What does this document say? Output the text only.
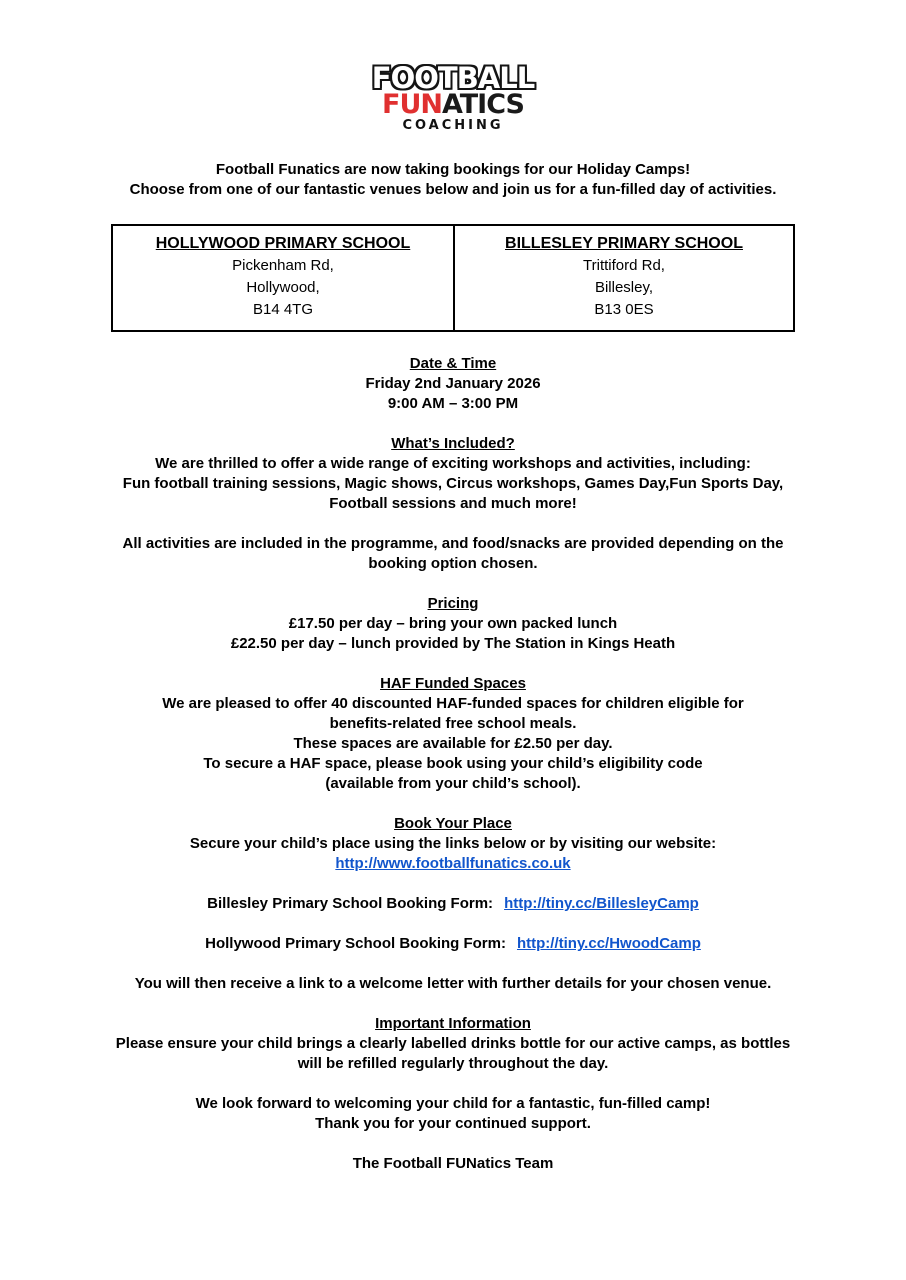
FOOTBALL
FUNATICS
COACHING
Football Funatics are now taking bookings for our Holiday Camps!
Choose from one of our fantastic venues below and join us for a fun-filled day of activities.
HOLLYWOOD PRIMARY SCHOOL
Pickenham Rd,
Hollywood,
B14 4TG
BILLESLEY PRIMARY SCHOOL
Trittiford Rd,
Billesley,
B13 0ES
Date & Time
Friday 2nd January 2026
9:00 AM – 3:00 PM
What’s Included?
We are thrilled to offer a wide range of exciting workshops and activities, including:
Fun football training sessions, Magic shows, Circus workshops, Games Day,Fun Sports Day,
Football sessions and much more!
All activities are included in the programme, and food/snacks are provided depending on the
booking option chosen.
Pricing
£17.50 per day – bring your own packed lunch
£22.50 per day – lunch provided by The Station in Kings Heath
HAF Funded Spaces
We are pleased to offer 40 discounted HAF-funded spaces for children eligible for
benefits-related free school meals.
These spaces are available for £2.50 per day.
To secure a HAF space, please book using your child’s eligibility code
(available from your child’s school).
Book Your Place
Secure your child’s place using the links below or by visiting our website:
http://www.footballfunatics.co.uk
Billesley Primary School Booking Form: http://tiny.cc/BillesleyCamp
Hollywood Primary School Booking Form: http://tiny.cc/HwoodCamp
You will then receive a link to a welcome letter with further details for your chosen venue.
Important Information
Please ensure your child brings a clearly labelled drinks bottle for our active camps, as bottles
will be refilled regularly throughout the day.
We look forward to welcoming your child for a fantastic, fun-filled camp!
Thank you for your continued support.
The Football FUNatics Team
